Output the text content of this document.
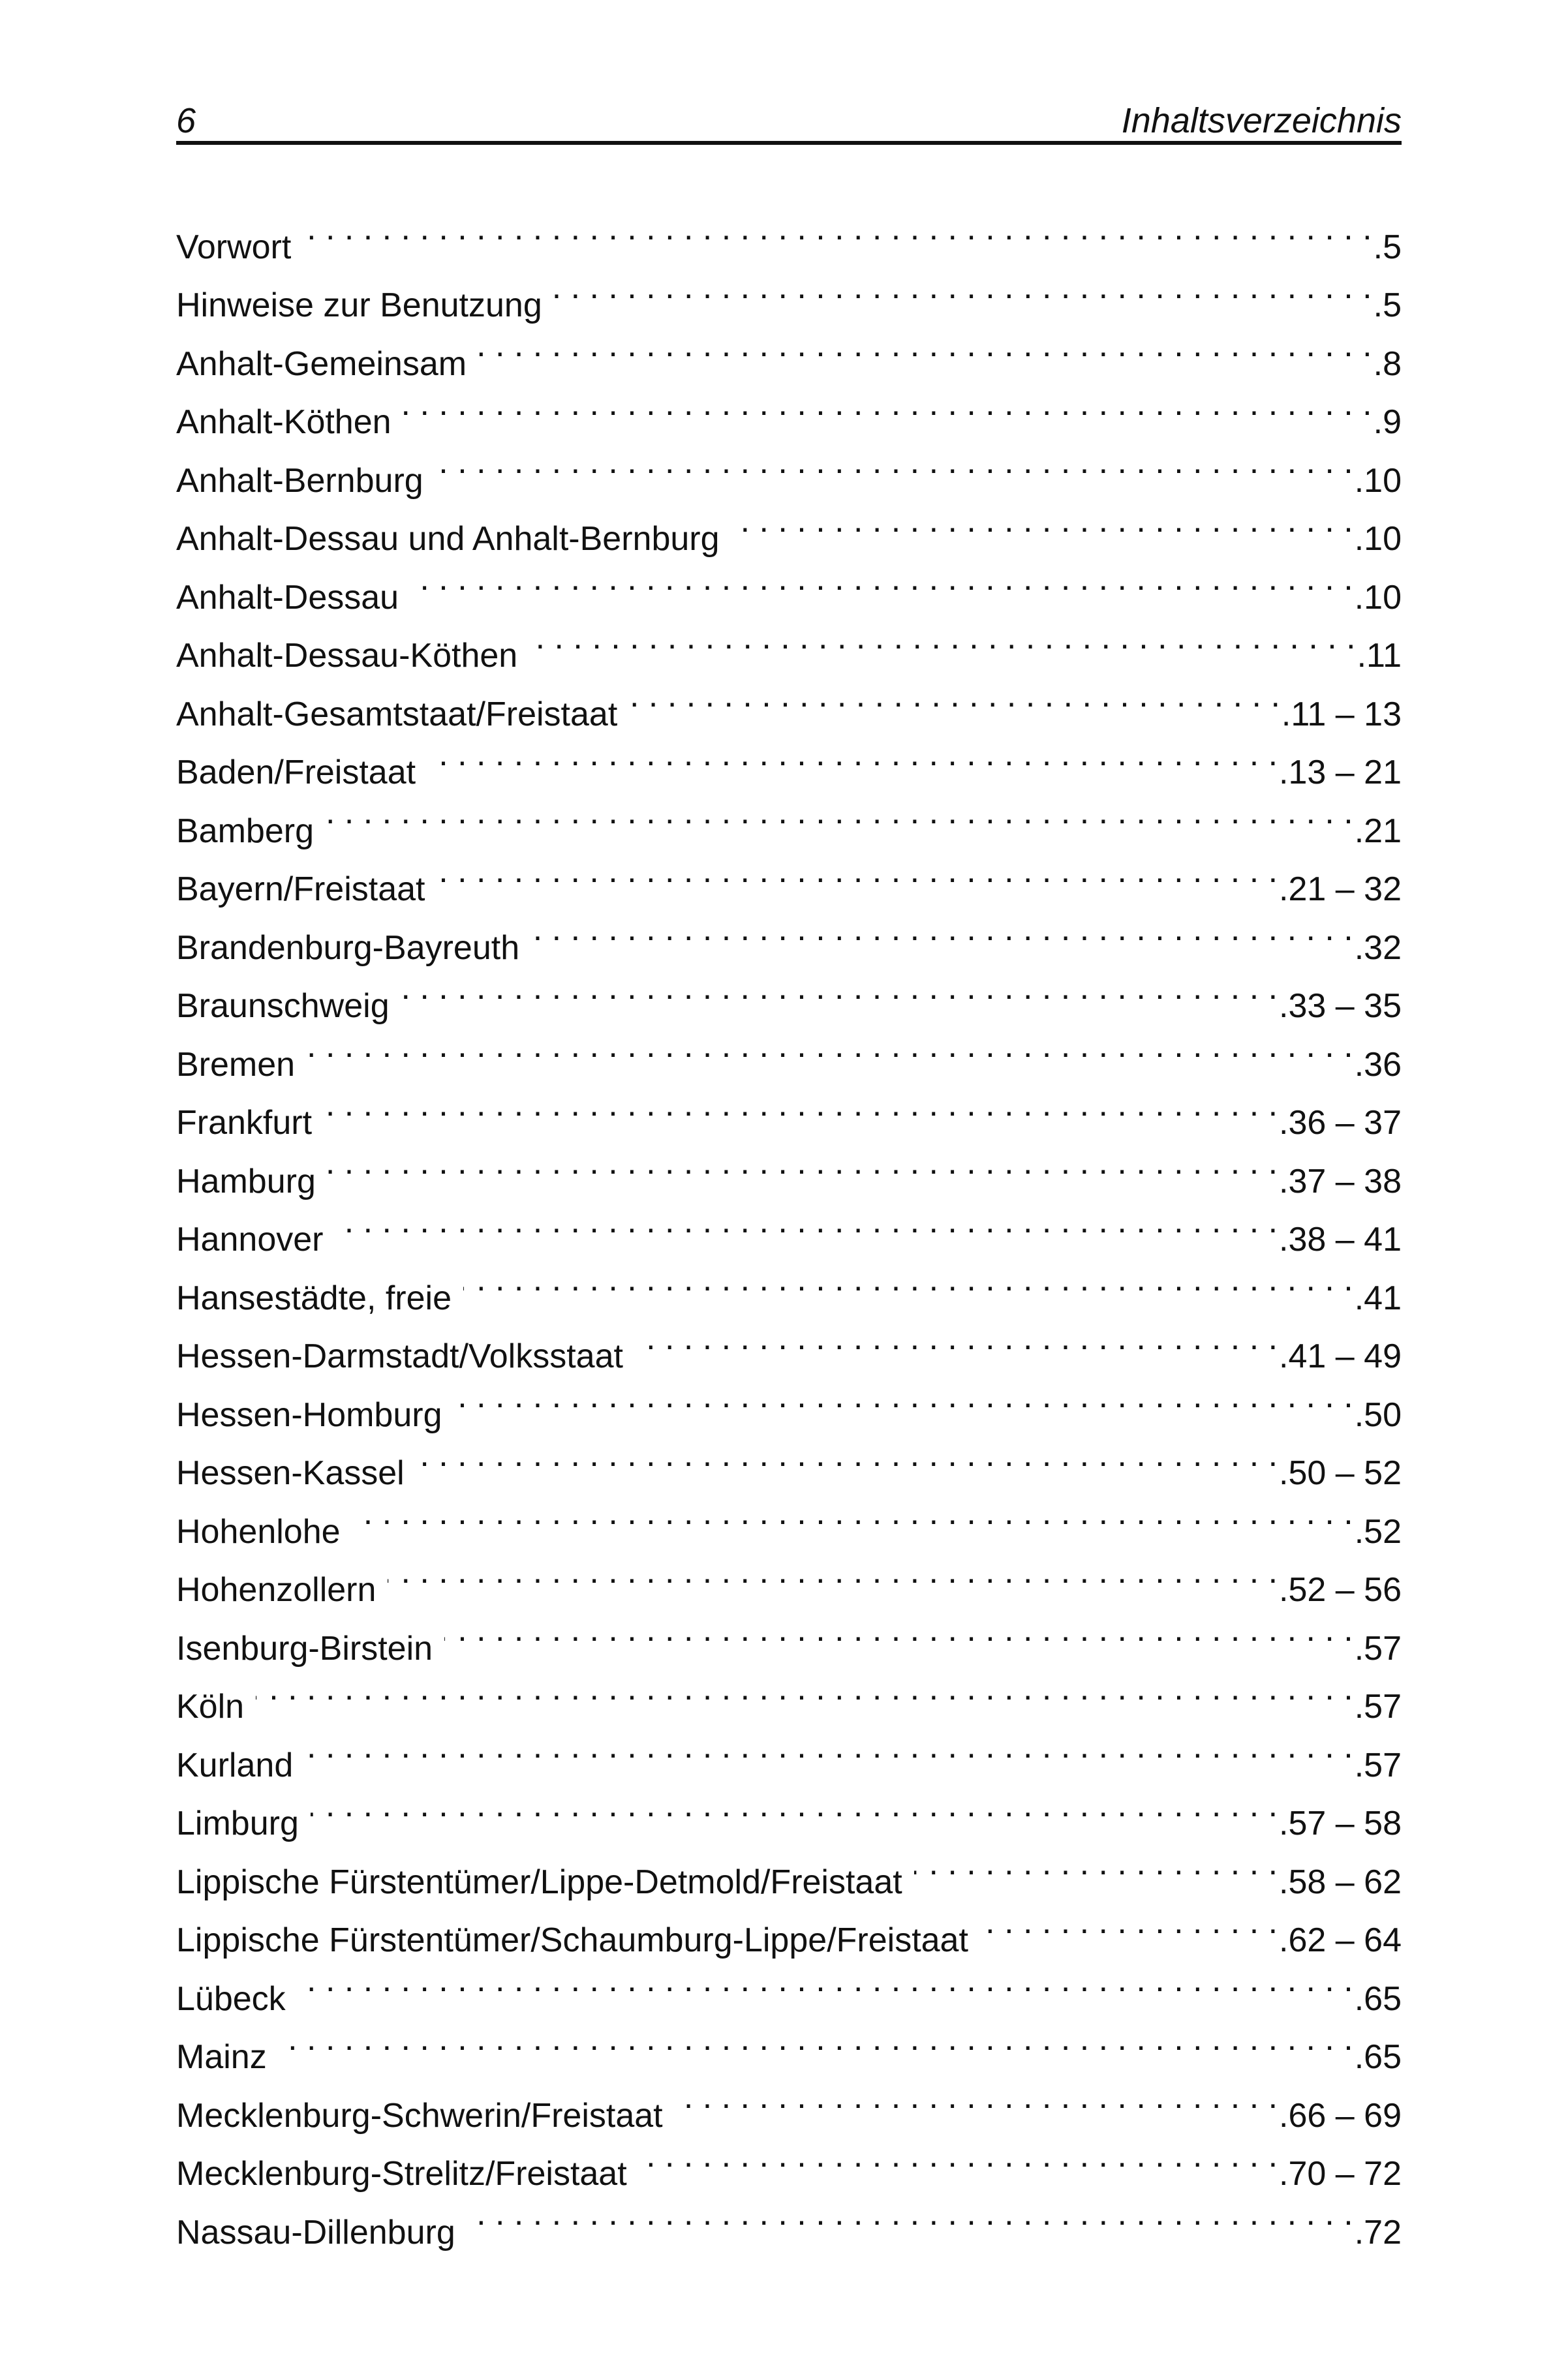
6	Inhaltsverzeichnis
Vorwort . . .	.5
Hinweise zur Benutzung . . .	.5
Anhalt-Gemeinsam . . .	.8
Anhalt-Köthen . . .	.9
Anhalt-Bernburg . . .	.10
Anhalt-Dessau und Anhalt-Bernburg . . .	.10
Anhalt-Dessau . . .	.10
Anhalt-Dessau-Köthen . . .	.11
Anhalt-Gesamtstaat/Freistaat . . .	.11 – 13
Baden/Freistaat . . .	.13 – 21
Bamberg . . .	.21
Bayern/Freistaat . . .	.21 – 32
Brandenburg-Bayreuth . . .	.32
Braunschweig . . .	.33 – 35
Bremen . . .	.36
Frankfurt . . .	.36 – 37
Hamburg . . .	.37 – 38
Hannover . . .	.38 – 41
Hansestädte, freie . . .	.41
Hessen-Darmstadt/Volksstaat . . .	.41 – 49
Hessen-Homburg . . .	.50
Hessen-Kassel . . .	.50 – 52
Hohenlohe . . .	.52
Hohenzollern . . .	.52 – 56
Isenburg-Birstein . . .	.57
Köln . . .	.57
Kurland . . .	.57
Limburg . . .	.57 – 58
Lippische Fürstentümer/Lippe-Detmold/Freistaat . . .	.58 – 62
Lippische Fürstentümer/Schaumburg-Lippe/Freistaat . . .	.62 – 64
Lübeck . . .	.65
Mainz . . .	.65
Mecklenburg-Schwerin/Freistaat . . .	.66 – 69
Mecklenburg-Strelitz/Freistaat . . .	.70 – 72
Nassau-Dillenburg . . .	.72
